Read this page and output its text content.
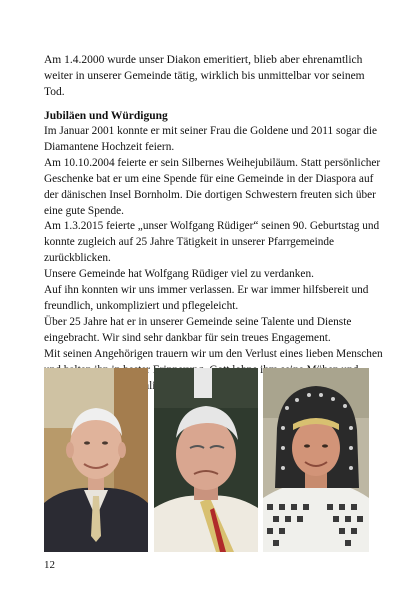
Am 1.4.2000 wurde unser Diakon emeritiert, blieb aber ehrenamtlich weiter in unserer Gemeinde tätig, wirklich bis unmittelbar vor seinem Tod.

Jubiläen und Würdigung

Im Januar 2001 konnte er mit seiner Frau die Goldene und 2011 sogar die Diamantene Hochzeit feiern.

Am 10.10.2004 feierte er sein Silbernes Weihejubiläum. Statt persönlicher Geschenke bat er um eine Spende für eine Gemeinde in der Diaspora auf der dänischen Insel Bornholm. Die dortigen Schwestern freuten sich über eine gute Spende.

Am 1.3.2015 feierte „unser Wolfgang Rüdiger“ seinen 90. Geburtstag und konnte zugleich auf 25 Jahre Tätigkeit in unserer Pfarrgemeinde zurückblicken.

Unsere Gemeinde hat Wolfgang Rüdiger viel zu verdanken.

Auf ihn konnten wir uns immer verlassen. Er war immer hilfsbereit und freundlich, unkompliziert und pflegeleicht.

Über 25 Jahre hat er in unserer Gemeinde seine Talente und Dienste eingebracht. Wir sind sehr dankbar für sein treues Engagement.

Mit seinen Angehörigen trauern wir um den Verlust eines lieben Menschen himmlischen

12
